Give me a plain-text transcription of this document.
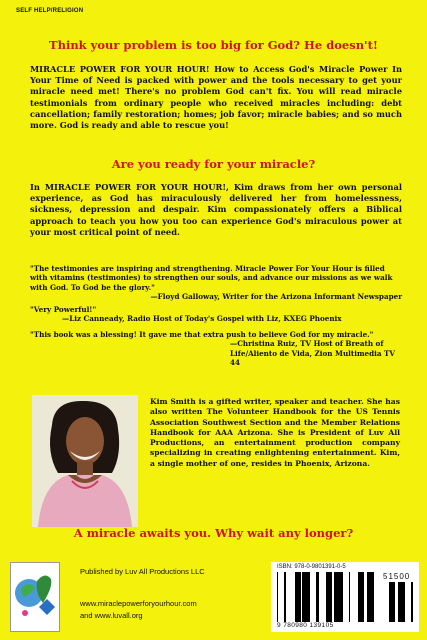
SELF HELP/RELIGION
Think your problem is too big for God? He doesn't!
MIRACLE POWER FOR YOUR HOUR! How to Access God's Miracle Power In Your Time of Need is packed with power and the tools necessary to get your miracle need met! There's no problem God can't fix. You will read miracle testimonials from ordinary people who received miracles including: debt cancellation; family restoration; homes; job favor; miracle babies; and so much more. God is ready and able to rescue you!
Are you ready for your miracle?
In MIRACLE POWER FOR YOUR HOUR!, Kim draws from her own personal experience, as God has miraculously delivered her from homelessness, sickness, depression and despair. Kim compassionately offers a Biblical approach to teach you how you too can experience God's miraculous power at your most critical point of need.
"The testimonies are inspiring and strengthening. Miracle Power For Your Hour is filled with vitamins (testimonies) to strengthen our souls, and advance our missions as we walk with God. To God be the glory."
—Floyd Galloway, Writer for the Arizona Informant Newspaper
"Very Powerful!"
—Liz Canneady, Radio Host of Today's Gospel with Liz, KXEG Phoenix
"This book was a blessing! It gave me that extra push to believe God for my miracle."
—Christina Ruiz, TV Host of Breath of Life/Aliento de Vida, Zion Multimedia TV 44
Kim Smith is a gifted writer, speaker and teacher. She has also written The Volunteer Handbook for the US Tennis Association Southwest Section and the Member Relations Handbook for AAA Arizona. She is President of Luv All Productions, an entertainment production company specializing in creating enlightening entertainment. Kim, a single mother of one, resides in Phoenix, Arizona.
A miracle awaits you. Why wait any longer?
Published by Luv All Productions LLC
www.miraclepowerforyourhour.com
and www.luvall.org
ISBN: 978-0-9801391-0-5
51500
9 780980 139105
